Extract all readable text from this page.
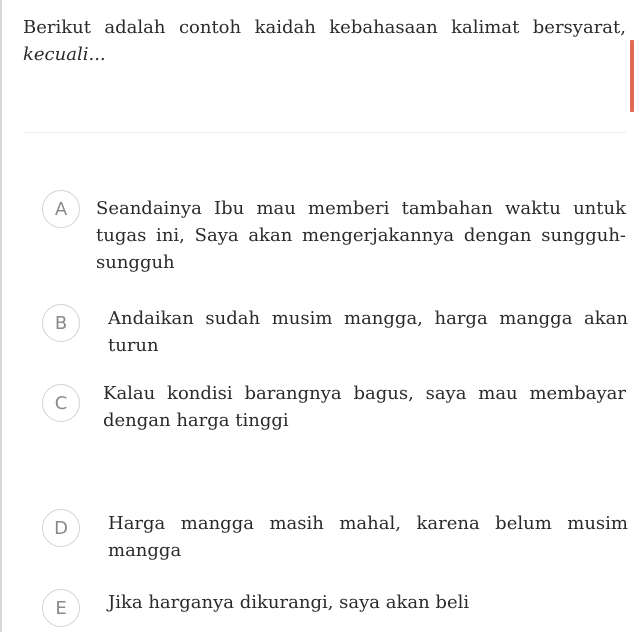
Berikut adalah contoh kaidah kebahasaan kalimat bersyarat, kecuali...
A	Seandainya Ibu mau memberi tambahan waktu untuk tugas ini, Saya akan mengerjakannya dengan sungguh-sungguh
B	Andaikan sudah musim mangga, harga mangga akan turun
C	Kalau kondisi barangnya bagus, saya mau membayar dengan harga tinggi
D	Harga mangga masih mahal, karena belum musim mangga
E	Jika harganya dikurangi, saya akan beli
